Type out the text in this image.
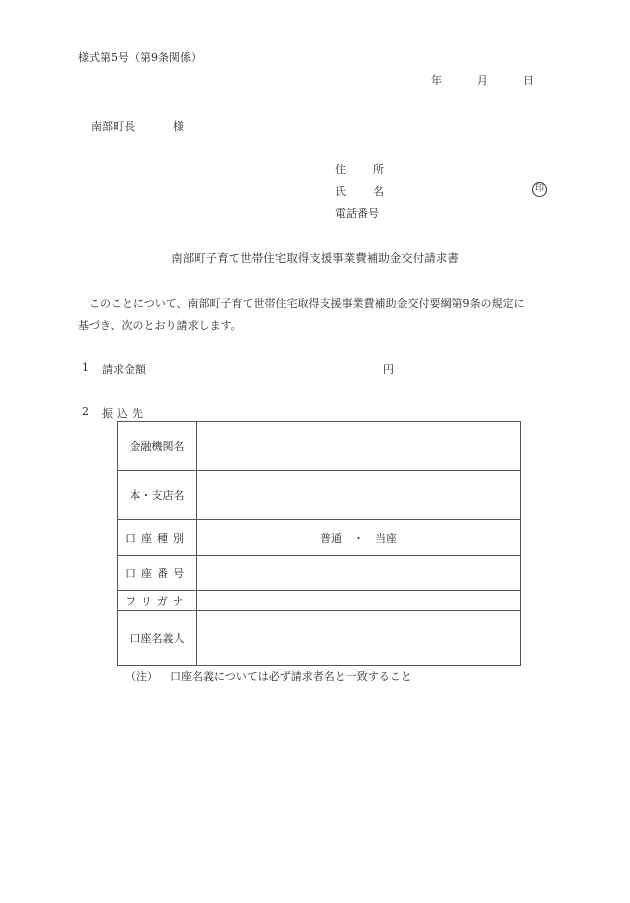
様式第5号（第9条関係）
年	月	日
南部町長	様
住 所
氏 名
電話番号
印
南部町子育て世帯住宅取得支援事業費補助金交付請求書

　このことについて、南部町子育て世帯住宅取得支援事業費補助金交付要綱第9条の規定に

基づき、次のとおり請求します。

1 請求金額	円
2 振込先
金融機関名	
本・支店名	
口座種別	普通　・　当座
口座番号	
フリガナ	
口座名義人	
（注） 口座名義については必ず請求者名と一致すること
